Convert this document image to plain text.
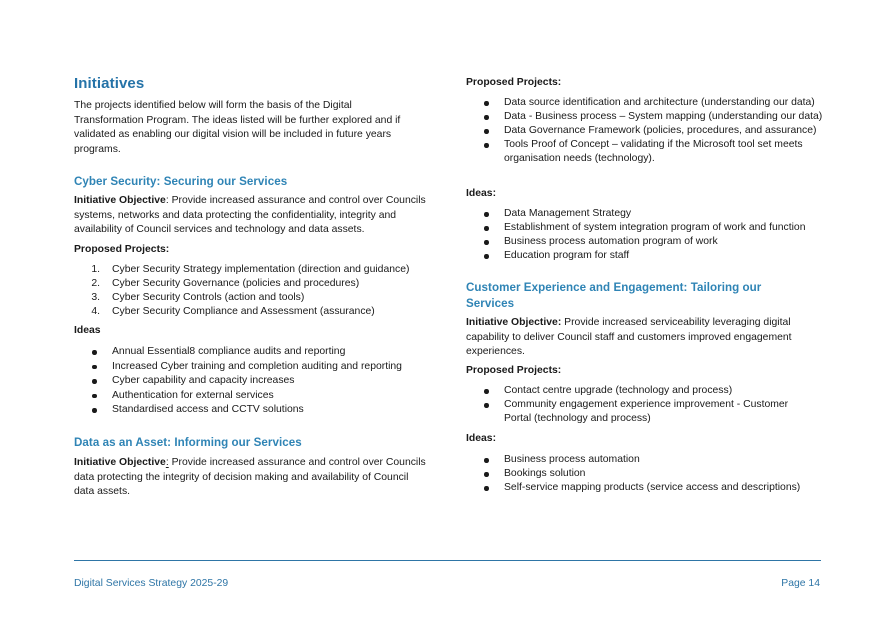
Initiatives

The projects identified below will form the basis of the Digital Transformation Program. The ideas listed will be further explored and if validated as enabling our digital vision will be included in future years programs.

Cyber Security: Securing our Services

Initiative Objective: Provide increased assurance and control over Councils systems, networks and data protecting the confidentiality, integrity and availability of Council services and technology and data assets.

Proposed Projects:
1. Cyber Security Strategy implementation (direction and guidance)
2. Cyber Security Governance (policies and procedures)
3. Cyber Security Controls (action and tools)
4. Cyber Security Compliance and Assessment (assurance)
Ideas
Annual Essential8 compliance audits and reporting
Increased Cyber training and completion auditing and reporting
Cyber capability and capacity increases
Authentication for external services
Standardised access and CCTV solutions
Data as an Asset: Informing our Services

Initiative Objective: Provide increased assurance and control over Councils data protecting the integrity of decision making and availability of Council data assets.

Proposed Projects:
Data source identification and architecture (understanding our data)
Data - Business process – System mapping (understanding our data)
Data Governance Framework (policies, procedures, and assurance)
Tools Proof of Concept – validating if the Microsoft tool set meets organisation needs (technology).
Ideas:
Data Management Strategy
Establishment of system integration program of work and function
Business process automation program of work
Education program for staff
Customer Experience and Engagement: Tailoring our Services

Initiative Objective: Provide increased serviceability leveraging digital capability to deliver Council staff and customers improved engagement experiences.

Proposed Projects:
Contact centre upgrade (technology and process)
Community engagement experience improvement - Customer Portal (technology and process)
Ideas:
Business process automation
Bookings solution
Self-service mapping products (service access and descriptions)
Digital Services Strategy 2025-29	Page 14
